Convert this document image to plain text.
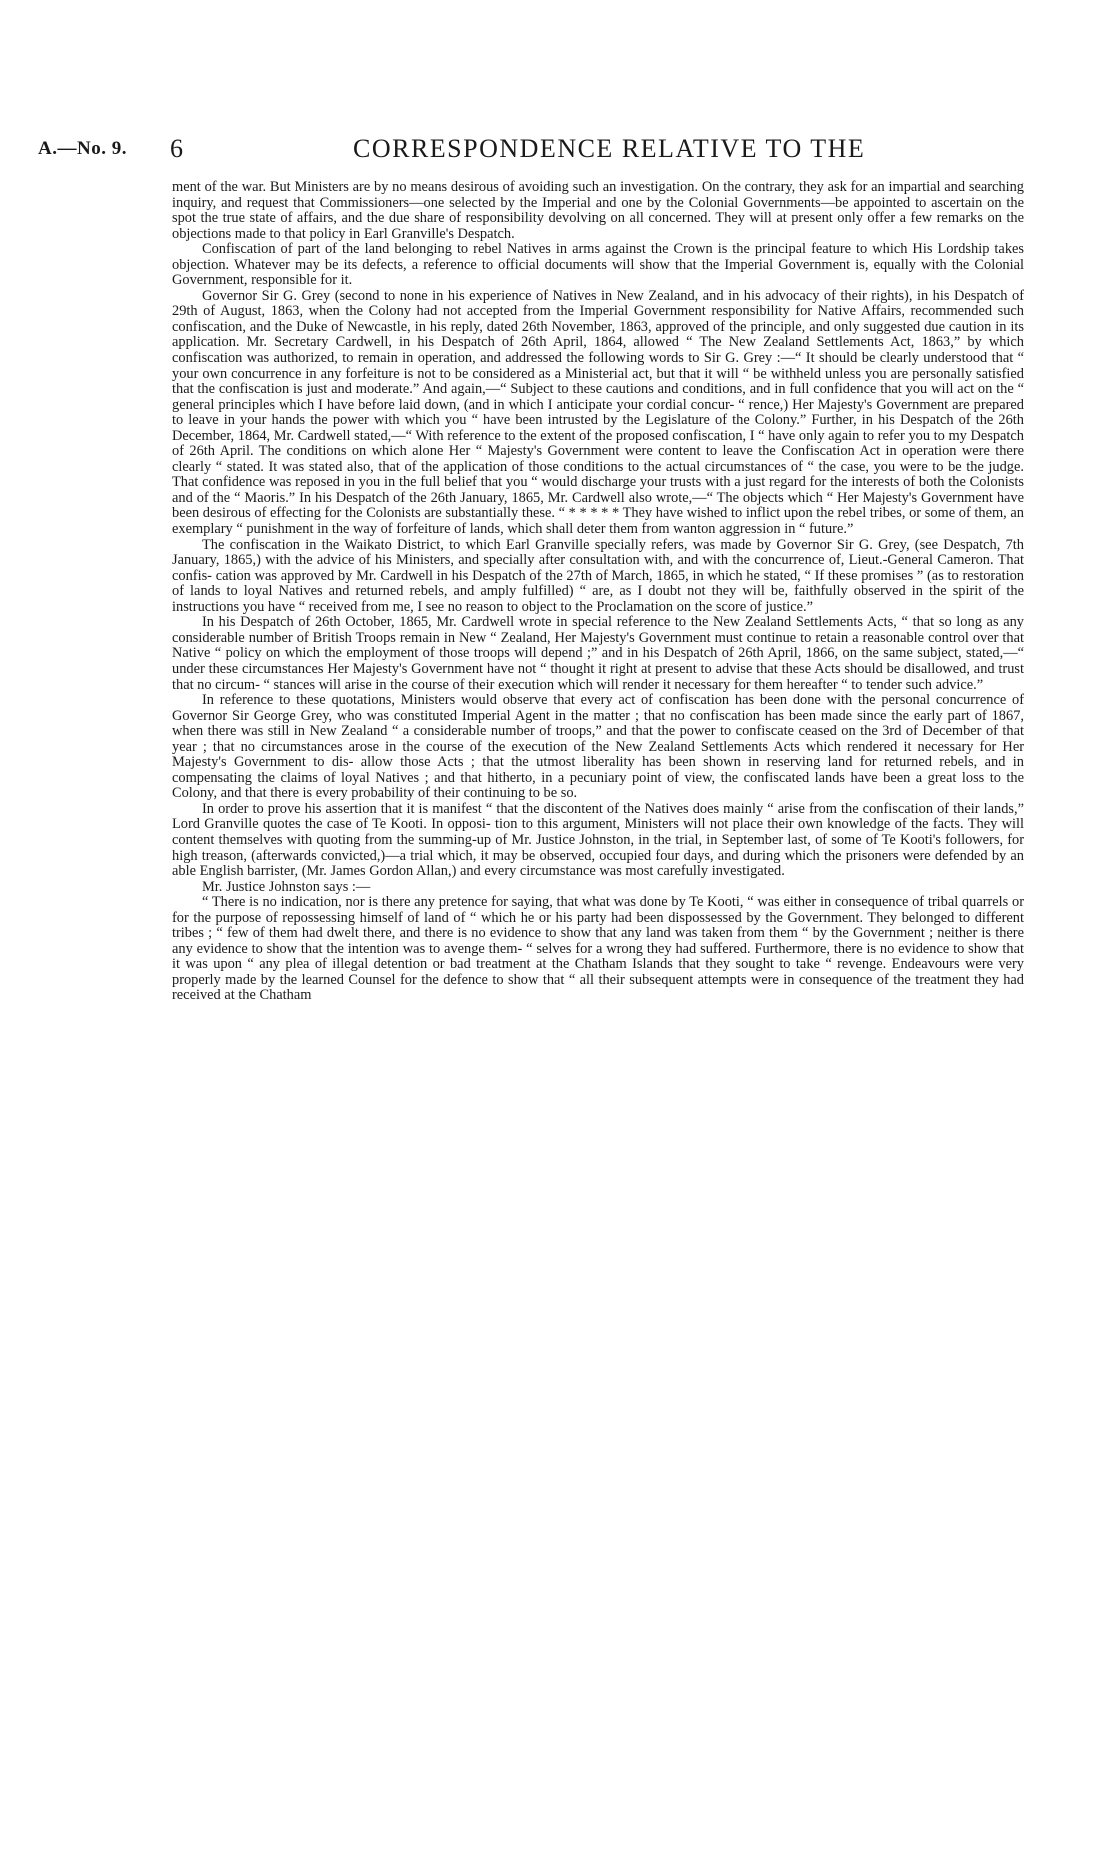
A.—No. 9. 6	CORRESPONDENCE RELATIVE TO THE

ment of the war. But Ministers are by no means desirous of avoiding such an investigation. On the contrary, they ask for an impartial and searching inquiry, and request that Commissioners—one selected by the Imperial and one by the Colonial Governments—be appointed to ascertain on the spot the true state of affairs, and the due share of responsibility devolving on all concerned. They will at present only offer a few remarks on the objections made to that policy in Earl Granville's Despatch.

Confiscation of part of the land belonging to rebel Natives in arms against the Crown is the principal feature to which His Lordship takes objection. Whatever may be its defects, a reference to official documents will show that the Imperial Government is, equally with the Colonial Government, responsible for it.

Governor Sir G. Grey (second to none in his experience of Natives in New Zealand, and in his advocacy of their rights), in his Despatch of 29th of August, 1863, when the Colony had not accepted from the Imperial Government responsibility for Native Affairs, recommended such confiscation, and the Duke of Newcastle, in his reply, dated 26th November, 1863, approved of the principle, and only suggested due caution in its application. Mr. Secretary Cardwell, in his Despatch of 26th April, 1864, allowed “ The New Zealand Settlements Act, 1863,” by which confiscation was authorized, to remain in operation, and addressed the following words to Sir G. Grey :—“ It should be clearly understood that “ your own concurrence in any forfeiture is not to be considered as a Ministerial act, but that it will “ be withheld unless you are personally satisfied that the confiscation is just and moderate.” And again,—“ Subject to these cautions and conditions, and in full confidence that you will act on the “ general principles which I have before laid down, (and in which I anticipate your cordial concur- “ rence,) Her Majesty's Government are prepared to leave in your hands the power with which you “ have been intrusted by the Legislature of the Colony.” Further, in his Despatch of the 26th December, 1864, Mr. Cardwell stated,—“ With reference to the extent of the proposed confiscation, I “ have only again to refer you to my Despatch of 26th April. The conditions on which alone Her “ Majesty's Government were content to leave the Confiscation Act in operation were there clearly “ stated. It was stated also, that of the application of those conditions to the actual circumstances of “ the case, you were to be the judge. That confidence was reposed in you in the full belief that you “ would discharge your trusts with a just regard for the interests of both the Colonists and of the “ Maoris.” In his Despatch of the 26th January, 1865, Mr. Cardwell also wrote,—“ The objects which “ Her Majesty's Government have been desirous of effecting for the Colonists are substantially these. “ * * * * * They have wished to inflict upon the rebel tribes, or some of them, an exemplary “ punishment in the way of forfeiture of lands, which shall deter them from wanton aggression in “ future.”

The confiscation in the Waikato District, to which Earl Granville specially refers, was made by Governor Sir G. Grey, (see Despatch, 7th January, 1865,) with the advice of his Ministers, and specially after consultation with, and with the concurrence of, Lieut.-General Cameron. That confis- cation was approved by Mr. Cardwell in his Despatch of the 27th of March, 1865, in which he stated, “ If these promises ” (as to restoration of lands to loyal Natives and returned rebels, and amply fulfilled) “ are, as I doubt not they will be, faithfully observed in the spirit of the instructions you have “ received from me, I see no reason to object to the Proclamation on the score of justice.”

In his Despatch of 26th October, 1865, Mr. Cardwell wrote in special reference to the New Zealand Settlements Acts, “ that so long as any considerable number of British Troops remain in New “ Zealand, Her Majesty's Government must continue to retain a reasonable control over that Native “ policy on which the employment of those troops will depend ;” and in his Despatch of 26th April, 1866, on the same subject, stated,—“ under these circumstances Her Majesty's Government have not “ thought it right at present to advise that these Acts should be disallowed, and trust that no circum- “ stances will arise in the course of their execution which will render it necessary for them hereafter “ to tender such advice.”

In reference to these quotations, Ministers would observe that every act of confiscation has been done with the personal concurrence of Governor Sir George Grey, who was constituted Imperial Agent in the matter ; that no confiscation has been made since the early part of 1867, when there was still in New Zealand “ a considerable number of troops,” and that the power to confiscate ceased on the 3rd of December of that year ; that no circumstances arose in the course of the execution of the New Zealand Settlements Acts which rendered it necessary for Her Majesty's Government to dis- allow those Acts ; that the utmost liberality has been shown in reserving land for returned rebels, and in compensating the claims of loyal Natives ; and that hitherto, in a pecuniary point of view, the confiscated lands have been a great loss to the Colony, and that there is every probability of their continuing to be so.

In order to prove his assertion that it is manifest “ that the discontent of the Natives does mainly “ arise from the confiscation of their lands,” Lord Granville quotes the case of Te Kooti. In opposi- tion to this argument, Ministers will not place their own knowledge of the facts. They will content themselves with quoting from the summing-up of Mr. Justice Johnston, in the trial, in September last, of some of Te Kooti's followers, for high treason, (afterwards convicted,)—a trial which, it may be observed, occupied four days, and during which the prisoners were defended by an able English barrister, (Mr. James Gordon Allan,) and every circumstance was most carefully investigated.

Mr. Justice Johnston says :—

“ There is no indication, nor is there any pretence for saying, that what was done by Te Kooti, “ was either in consequence of tribal quarrels or for the purpose of repossessing himself of land of “ which he or his party had been dispossessed by the Government. They belonged to different tribes ; “ few of them had dwelt there, and there is no evidence to show that any land was taken from them “ by the Government ; neither is there any evidence to show that the intention was to avenge them- “ selves for a wrong they had suffered. Furthermore, there is no evidence to show that it was upon “ any plea of illegal detention or bad treatment at the Chatham Islands that they sought to take “ revenge. Endeavours were very properly made by the learned Counsel for the defence to show that “ all their subsequent attempts were in consequence of the treatment they had received at the Chatham
